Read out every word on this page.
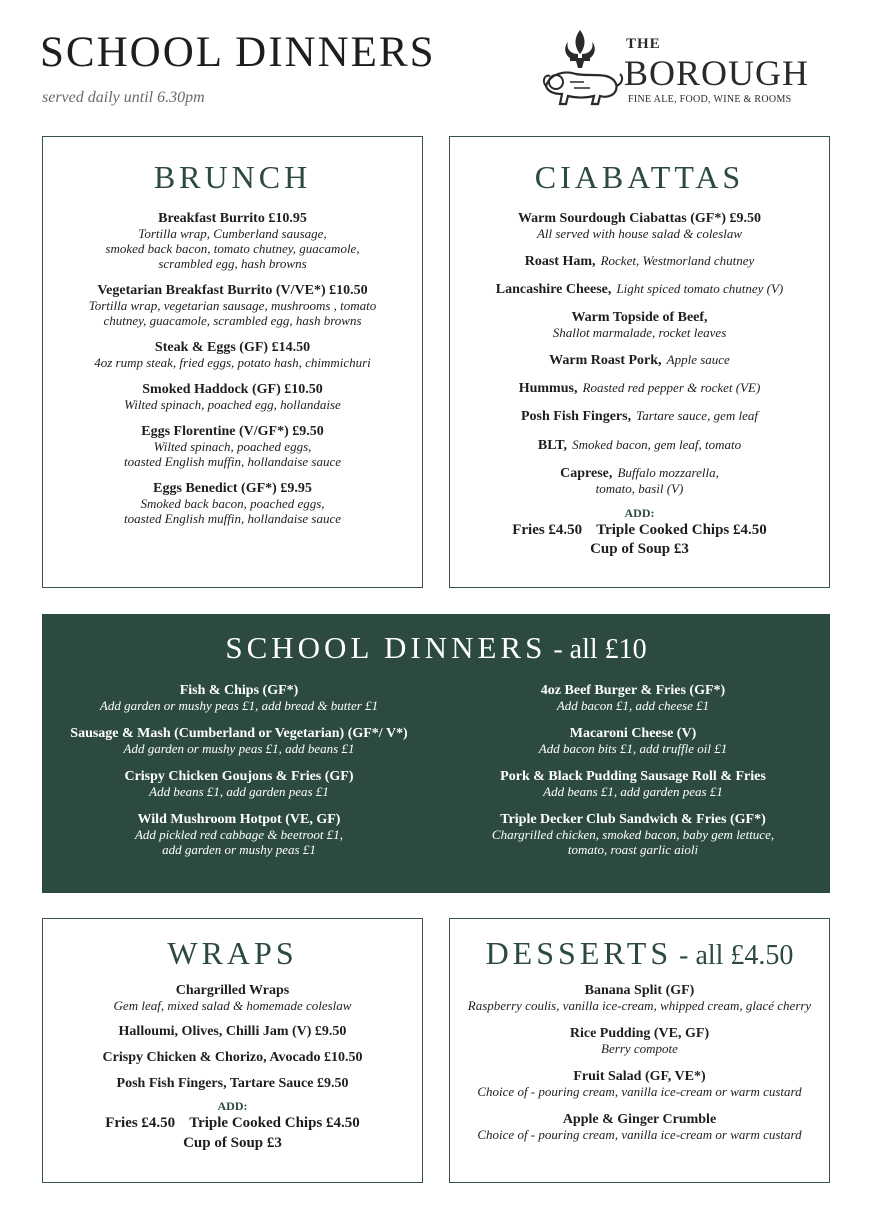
SCHOOL DINNERS
served daily until 6.30pm
THE
BOROUGH
FINE ALE, FOOD, WINE & ROOMS
BRUNCH
Breakfast Burrito £10.95
Tortilla wrap, Cumberland sausage,
smoked back bacon, tomato chutney, guacamole,
scrambled egg, hash browns
Vegetarian Breakfast Burrito (V/VE*) £10.50
Tortilla wrap, vegetarian sausage, mushrooms , tomato
chutney, guacamole, scrambled egg, hash browns
Steak & Eggs (GF) £14.50
4oz rump steak, fried eggs, potato hash, chimmichuri
Smoked Haddock (GF) £10.50
Wilted spinach, poached egg, hollandaise
Eggs Florentine (V/GF*) £9.50
Wilted spinach, poached eggs,
toasted English muffin, hollandaise sauce
Eggs Benedict (GF*) £9.95
Smoked back bacon, poached eggs,
toasted English muffin, hollandaise sauce
CIABATTAS
Warm Sourdough Ciabattas (GF*) £9.50
All served with house salad & coleslaw
Roast Ham, Rocket, Westmorland chutney
Lancashire Cheese, Light spiced tomato chutney (V)
Warm Topside of Beef,
Shallot marmalade, rocket leaves
Warm Roast Pork, Apple sauce
Hummus, Roasted red pepper & rocket (VE)
Posh Fish Fingers, Tartare sauce, gem leaf
BLT, Smoked bacon, gem leaf, tomato
Caprese, Buffalo mozzarella,
tomato, basil (V)
ADD:
Fries £4.50 Triple Cooked Chips £4.50
Cup of Soup £3
SCHOOL DINNERS - all £10
Fish & Chips (GF*)
Add garden or mushy peas £1, add bread & butter £1
Sausage & Mash (Cumberland or Vegetarian) (GF*/ V*)
Add garden or mushy peas £1, add beans £1
Crispy Chicken Goujons & Fries (GF)
Add beans £1, add garden peas £1
Wild Mushroom Hotpot (VE, GF)
Add pickled red cabbage & beetroot £1,
add garden or mushy peas £1
4oz Beef Burger & Fries (GF*)
Add bacon £1, add cheese £1
Macaroni Cheese (V)
Add bacon bits £1, add truffle oil £1
Pork & Black Pudding Sausage Roll & Fries
Add beans £1, add garden peas £1
Triple Decker Club Sandwich & Fries (GF*)
Chargrilled chicken, smoked bacon, baby gem lettuce,
tomato, roast garlic aioli
WRAPS
Chargrilled Wraps
Gem leaf, mixed salad & homemade coleslaw
Halloumi, Olives, Chilli Jam (V) £9.50
Crispy Chicken & Chorizo, Avocado £10.50
Posh Fish Fingers, Tartare Sauce £9.50
ADD:
Fries £4.50 Triple Cooked Chips £4.50
Cup of Soup £3
DESSERTS - all £4.50
Banana Split (GF)
Raspberry coulis, vanilla ice-cream, whipped cream, glacé cherry
Rice Pudding (VE, GF)
Berry compote
Fruit Salad (GF, VE*)
Choice of - pouring cream, vanilla ice-cream or warm custard
Apple & Ginger Crumble
Choice of - pouring cream, vanilla ice-cream or warm custard
